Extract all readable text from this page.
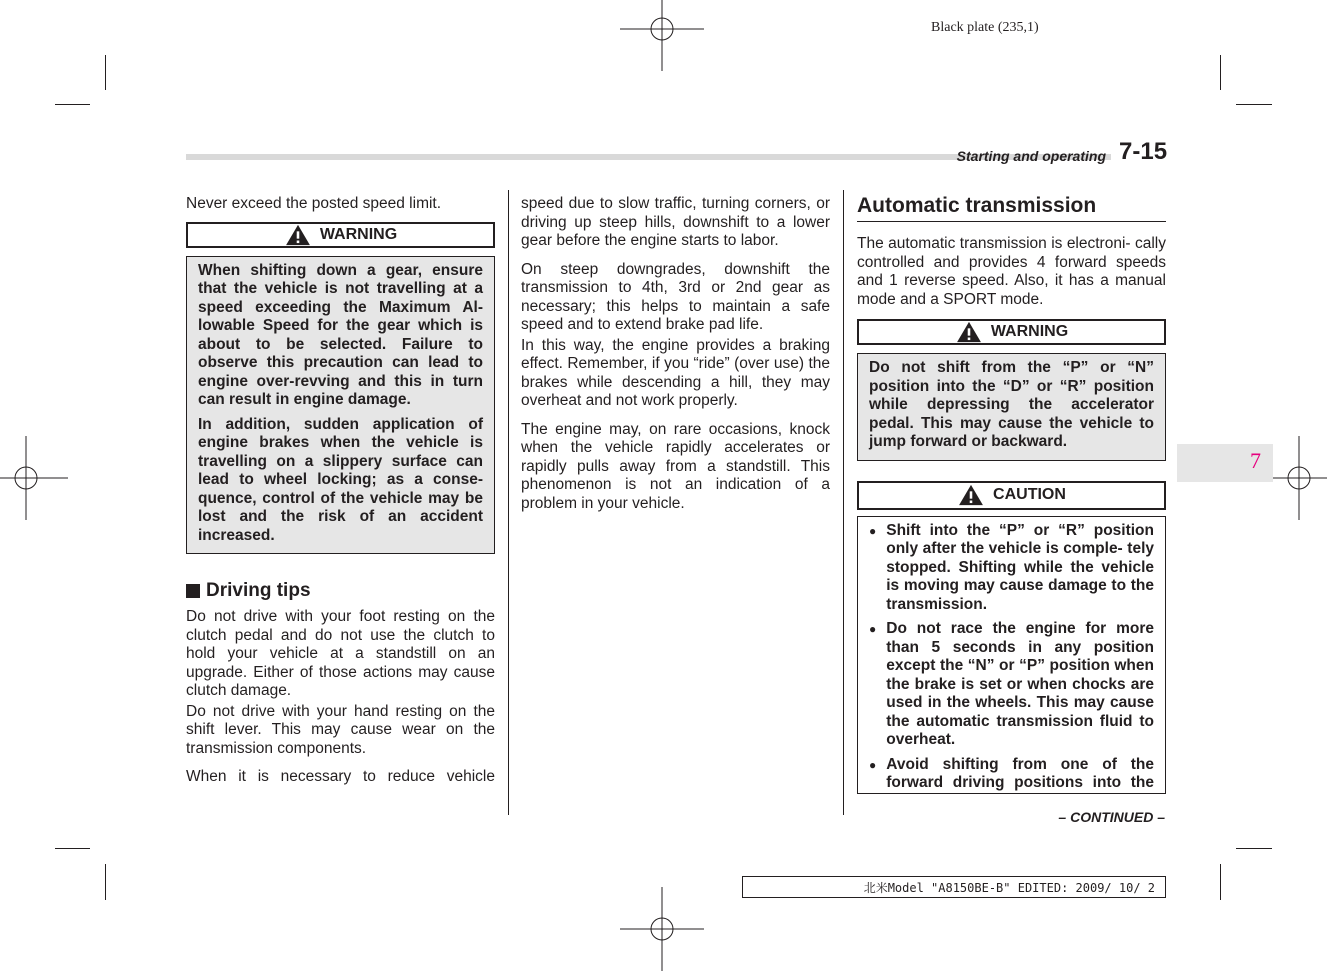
Black plate (235,1)
Starting and operating 7-15

Never exceed the posted speed limit.

WARNING

When shifting down a gear, ensure that the vehicle is not travelling at a speed exceeding the Maximum Al- lowable Speed for the gear which is about to be selected. Failure to observe this precaution can lead to engine over-revving and this in turn can result in engine damage.

In addition, sudden application of engine brakes when the vehicle is travelling on a slippery surface can lead to wheel locking; as a conse- quence, control of the vehicle may be lost and the risk of an accident increased.

Driving tips

Do not drive with your foot resting on the clutch pedal and do not use the clutch to hold your vehicle at a standstill on an upgrade. Either of those actions may cause clutch damage.

Do not drive with your hand resting on the shift lever. This may cause wear on the transmission components.

When it is necessary to reduce vehicle

speed due to slow traffic, turning corners, or driving up steep hills, downshift to a lower gear before the engine starts to labor.

On steep downgrades, downshift the transmission to 4th, 3rd or 2nd gear as necessary; this helps to maintain a safe speed and to extend brake pad life.

In this way, the engine provides a braking effect. Remember, if you “ride” (over use) the brakes while descending a hill, they may overheat and not work properly.

The engine may, on rare occasions, knock when the vehicle rapidly accelerates or rapidly pulls away from a standstill. This phenomenon is not an indication of a problem in your vehicle.

Automatic transmission

The automatic transmission is electroni- cally controlled and provides 4 forward speeds and 1 reverse speed. Also, it has a manual mode and a SPORT mode.

WARNING

Do not shift from the “P” or “N” position into the “D” or “R” position while depressing the accelerator pedal. This may cause the vehicle to jump forward or backward.

CAUTION
● Shift into the “P” or “R” position only after the vehicle is comple- tely stopped. Shifting while the vehicle is moving may cause damage to the transmission.

● Do not race the engine for more than 5 seconds in any position except the “N” or “P” position when the brake is set or when chocks are used in the wheels. This may cause the automatic transmission fluid to overheat.

● Avoid shifting from one of the forward driving positions into the

7
– CONTINUED –
北米Model "A8150BE-B" EDITED: 2009/ 10/ 2
